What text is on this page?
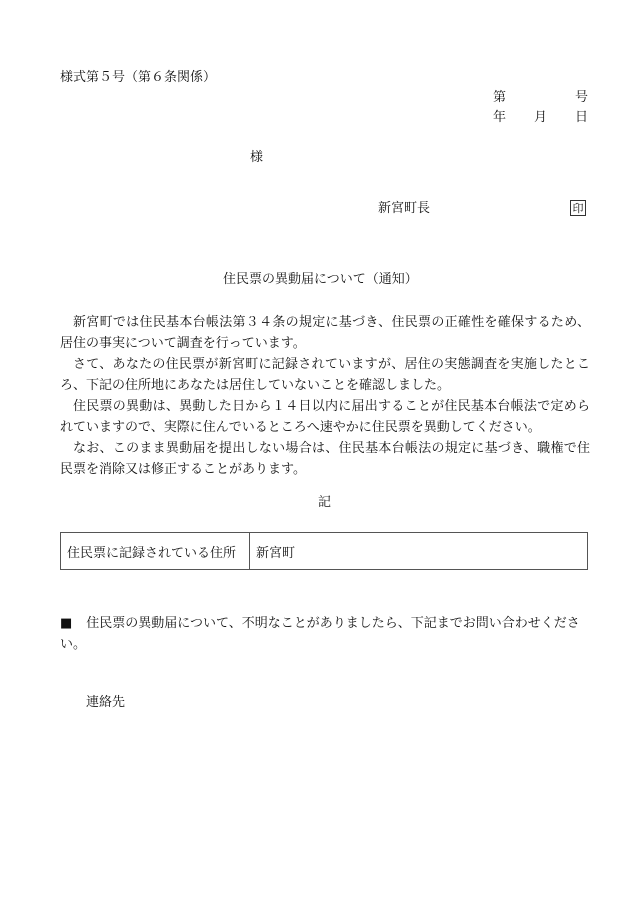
様式第５号（第６条関係）
第	号
年 月 日
様
新宮町長	印
住民票の異動届について（通知）

新宮町では住民基本台帳法第３４条の規定に基づき、住民票の正確性を確保するため、居住の事実について調査を行っています。

さて、あなたの住民票が新宮町に記録されていますが、居住の実態調査を実施したところ、下記の住所地にあなたは居住していないことを確認しました。

住民票の異動は、異動した日から１４日以内に届出することが住民基本台帳法で定められていますので、実際に住んでいるところへ速やかに住民票を異動してください。

なお、このまま異動届を提出しない場合は、住民基本台帳法の規定に基づき、職権で住民票を消除又は修正することがあります。

記
住民票に記録されている住所	新宮町

■ 住民票の異動届について、不明なことがありましたら、下記までお問い合わせください。

連絡先
